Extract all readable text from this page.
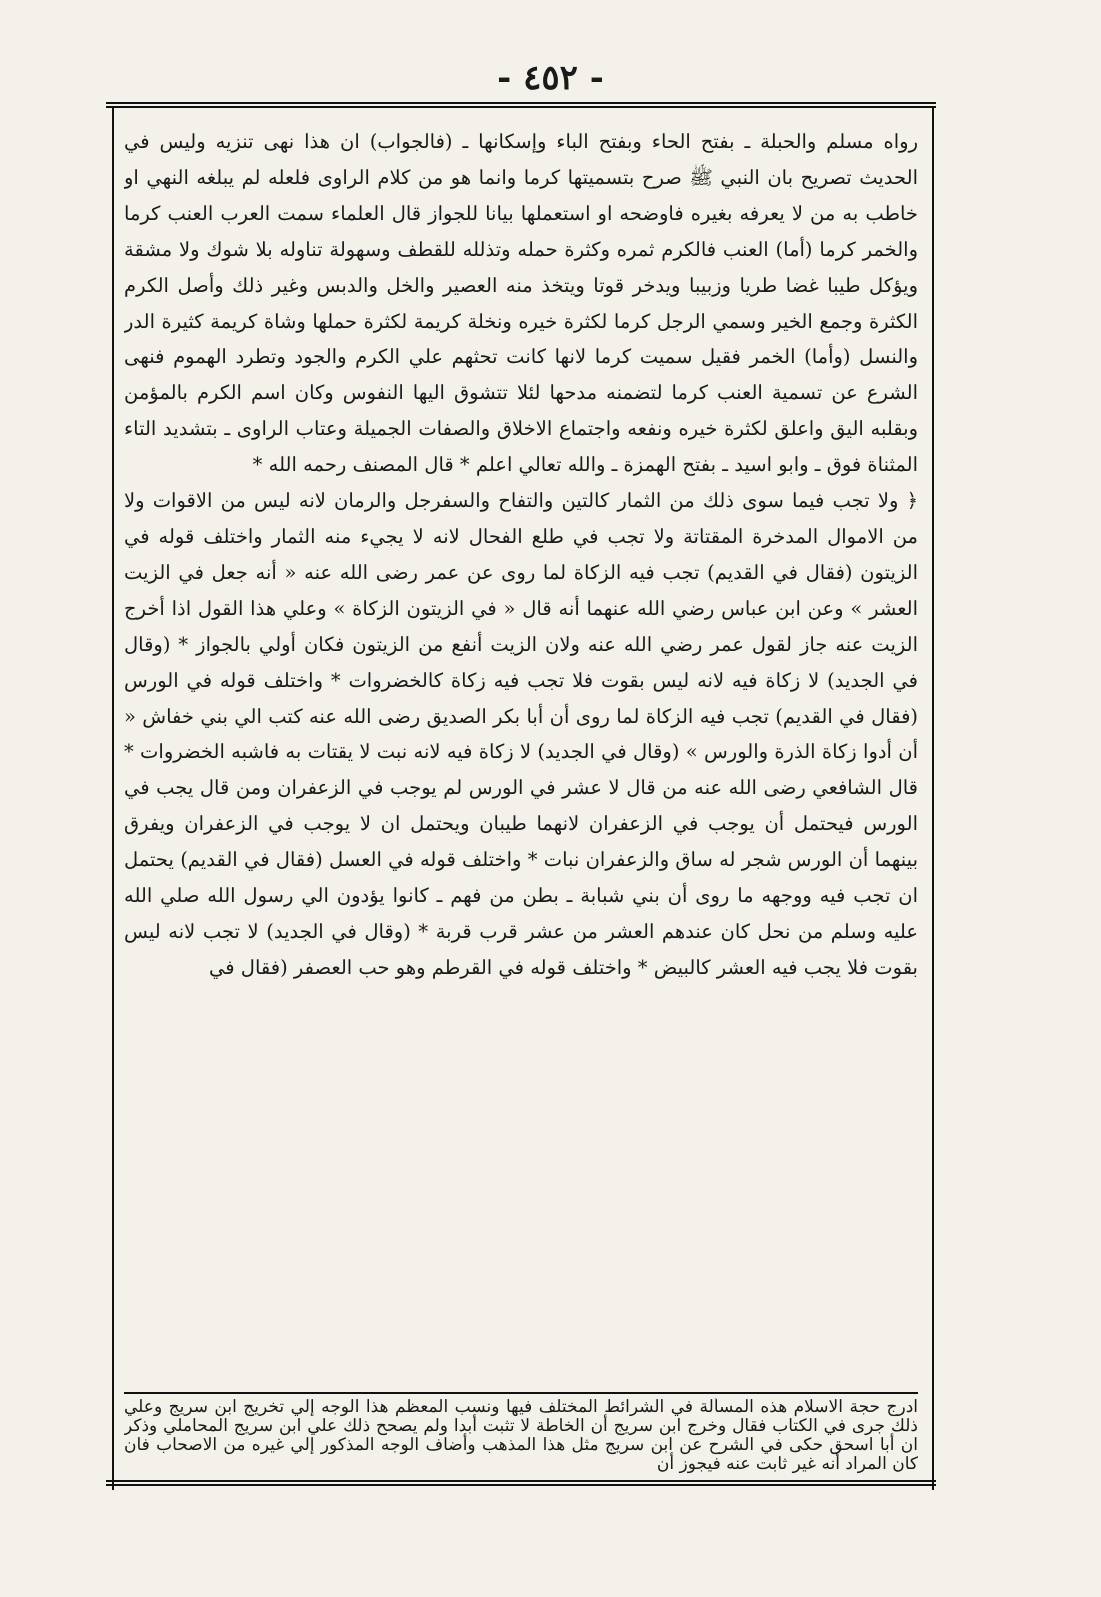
- ٤٥٢ -

رواه مسلم والحبلة ـ بفتح الحاء وبفتح الباء وإسكانها ـ (فالجواب) ان هذا نهى تنزيه وليس في الحديث تصريح بان النبي ﷺ صرح بتسميتها كرما وانما هو من كلام الراوى فلعله لم يبلغه النهي او خاطب به من لا يعرفه بغيره فاوضحه او استعملها بيانا للجواز قال العلماء سمت العرب العنب كرما والخمر كرما (أما) العنب فالكرم ثمره وكثرة حمله وتذلله للقطف وسهولة تناوله بلا شوك ولا مشقة ويؤكل طيبا غضا طريا وزبيبا ويدخر قوتا ويتخذ منه العصير والخل والدبس وغير ذلك وأصل الكرم الكثرة وجمع الخير وسمي الرجل كرما لكثرة خيره ونخلة كريمة لكثرة حملها وشاة كريمة كثيرة الدر والنسل (وأما) الخمر فقيل سميت كرما لانها كانت تحثهم علي الكرم والجود وتطرد الهموم فنهى الشرع عن تسمية العنب كرما لتضمنه مدحها لئلا تتشوق اليها النفوس وكان اسم الكرم بالمؤمن وبقلبه اليق واعلق لكثرة خيره ونفعه واجتماع الاخلاق والصفات الجميلة وعتاب الراوى ـ بتشديد التاء المثناة فوق ـ وابو اسيد ـ بفتح الهمزة ـ والله تعالي اعلم * قال المصنف رحمه الله *

﴿ ولا تجب فيما سوى ذلك من الثمار كالتين والتفاح والسفرجل والرمان لانه ليس من الاقوات ولا من الاموال المدخرة المقتاتة ولا تجب في طلع الفحال لانه لا يجيء منه الثمار واختلف قوله في الزيتون (فقال في القديم) تجب فيه الزكاة لما روى عن عمر رضى الله عنه « أنه جعل في الزيت العشر » وعن ابن عباس رضي الله عنهما أنه قال « في الزيتون الزكاة » وعلي هذا القول اذا أخرج الزيت عنه جاز لقول عمر رضي الله عنه ولان الزيت أنفع من الزيتون فكان أولي بالجواز * (وقال في الجديد) لا زكاة فيه لانه ليس بقوت فلا تجب فيه زكاة كالخضروات * واختلف قوله في الورس (فقال في القديم) تجب فيه الزكاة لما روى أن أبا بكر الصديق رضى الله عنه كتب الي بني خفاش « أن أدوا زكاة الذرة والورس » (وقال في الجديد) لا زكاة فيه لانه نبت لا يقتات به فاشبه الخضروات * قال الشافعي رضى الله عنه من قال لا عشر في الورس لم يوجب في الزعفران ومن قال يجب في الورس فيحتمل أن يوجب في الزعفران لانهما طيبان ويحتمل ان لا يوجب في الزعفران ويفرق بينهما أن الورس شجر له ساق والزعفران نبات * واختلف قوله في العسل (فقال في القديم) يحتمل ان تجب فيه ووجهه ما روى أن بني شبابة ـ بطن من فهم ـ كانوا يؤدون الي رسول الله صلي الله عليه وسلم من نحل كان عندهم العشر من عشر قرب قربة * (وقال في الجديد) لا تجب لانه ليس بقوت فلا يجب فيه العشر كالبيض * واختلف قوله في القرطم وهو حب العصفر (فقال في

ادرج حجة الاسلام هذه المسألة في الشرائط المختلف فيها ونسب المعظم هذا الوجه إلي تخريج ابن سريج وعلي ذلك جرى في الكتاب فقال وخرج ابن سريج أن الخاطة لا تثبت أبدا ولم يصحح ذلك علي ابن سريج المحاملي وذكر ان أبا اسحق حكى في الشرح عن ابن سريج مثل هذا المذهب وأضاف الوجه المذكور إلي غيره من الاصحاب فان كان المراد أنه غير ثابت عنه فيجوز أن
